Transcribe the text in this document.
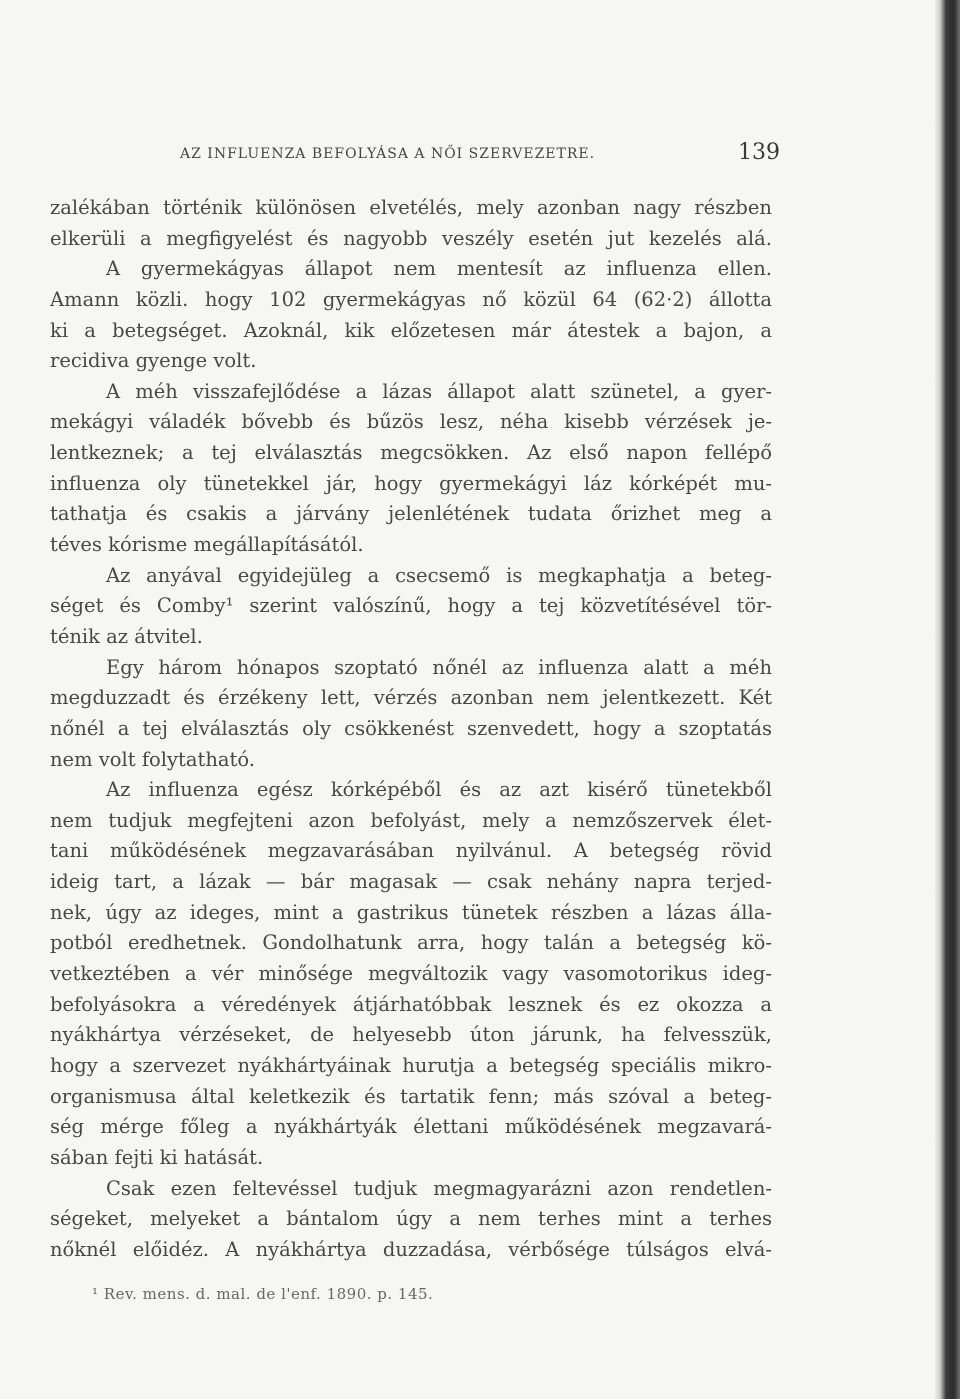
AZ INFLUENZA BEFOLYÁSA A NŐI SZERVEZETRE.	139
zalékában történik különösen elvetélés, mely azonban nagy részben
elkerüli a megfigyelést és nagyobb veszély esetén jut kezelés alá.
A gyermekágyas állapot nem mentesít az influenza ellen.
Amann közli. hogy 102 gyermekágyas nő közül 64 (62·2) állotta
ki a betegséget. Azoknál, kik előzetesen már átestek a bajon, a
recidiva gyenge volt.
A méh visszafejlődése a lázas állapot alatt szünetel, a gyer-
mekágyi váladék bővebb és bűzös lesz, néha kisebb vérzések je-
lentkeznek; a tej elválasztás megcsökken. Az első napon fellépő
influenza oly tünetekkel jár, hogy gyermekágyi láz kórképét mu-
tathatja és csakis a járvány jelenlétének tudata őrizhet meg a
téves kórisme megállapításától.
Az anyával egyidejüleg a csecsemő is megkaphatja a beteg-
séget és Comby¹ szerint valószínű, hogy a tej közvetítésével tör-
ténik az átvitel.
Egy három hónapos szoptató nőnél az influenza alatt a méh
megduzzadt és érzékeny lett, vérzés azonban nem jelentkezett. Két
nőnél a tej elválasztás oly csökkenést szenvedett, hogy a szoptatás
nem volt folytatható.
Az influenza egész kórképéből és az azt kisérő tünetekből
nem tudjuk megfejteni azon befolyást, mely a nemzőszervek élet-
tani működésének megzavarásában nyilvánul. A betegség rövid
ideig tart, a lázak — bár magasak — csak nehány napra terjed-
nek, úgy az ideges, mint a gastrikus tünetek részben a lázas álla-
potból eredhetnek. Gondolhatunk arra, hogy talán a betegség kö-
vetkeztében a vér minősége megváltozik vagy vasomotorikus ideg-
befolyásokra a véredények átjárhatóbbak lesznek és ez okozza a
nyákhártya vérzéseket, de helyesebb úton járunk, ha felvesszük,
hogy a szervezet nyákhártyáinak hurutja a betegség speciális mikro-
organismusa által keletkezik és tartatik fenn; más szóval a beteg-
ség mérge főleg a nyákhártyák élettani működésének megzavará-
sában fejti ki hatását.
Csak ezen feltevéssel tudjuk megmagyarázni azon rendetlen-
ségeket, melyeket a bántalom úgy a nem terhes mint a terhes
nőknél előidéz. A nyákhártya duzzadása, vérbősége túlságos elvá-
¹ Rev. mens. d. mal. de l'enf. 1890. p. 145.
